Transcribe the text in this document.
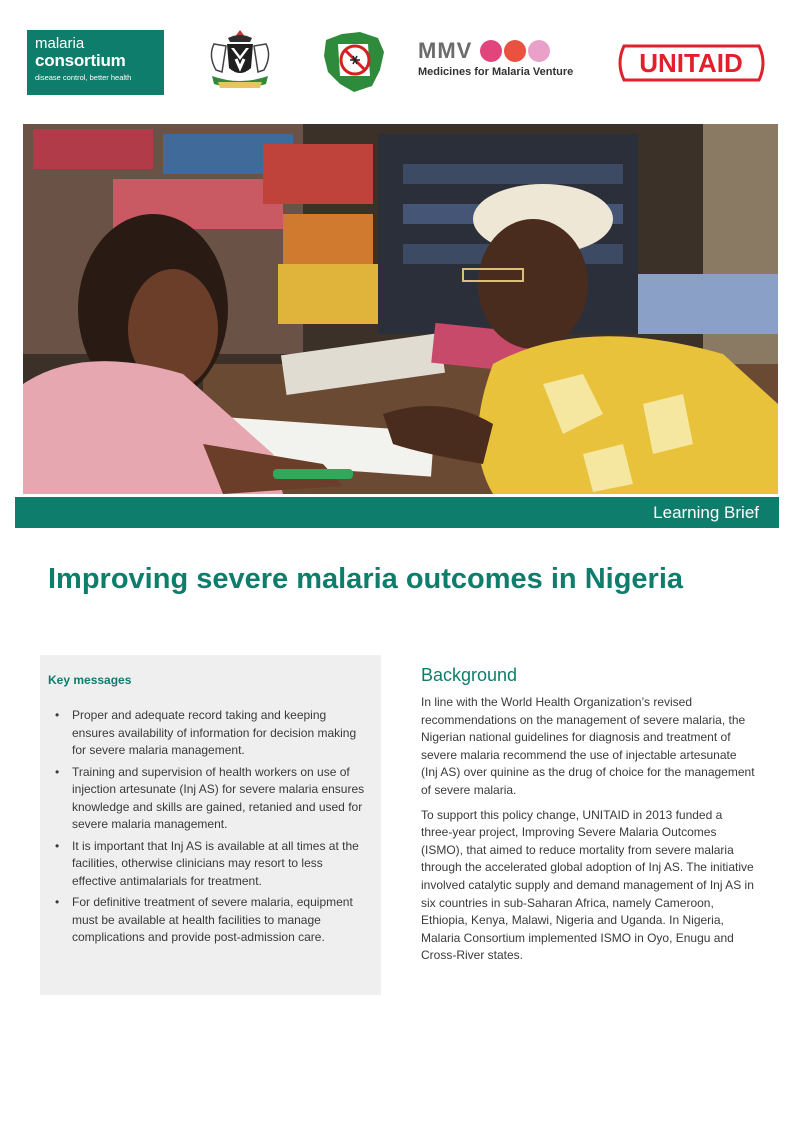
malaria
consortium
disease control, better health
MMV
Medicines for Malaria Venture	UNITAID
Learning Brief
Improving severe malaria outcomes in Nigeria
Key messages
• Proper and adequate record taking and keeping ensures availability of information for decision making for severe malaria management.
• Training and supervision of health workers on use of injection artesunate (Inj AS) for severe malaria ensures knowledge and skills are gained, retanied and used for severe malaria management.
• It is important that Inj AS is available at all times at the facilities, otherwise clinicians may resort to less effective antimalarials for treatment.
• For definitive treatment of severe malaria, equipment must be available at health facilities to manage complications and provide post-admission care.
Background

In line with the World Health Organization’s revised recommendations on the management of severe malaria, the Nigerian national guidelines for diagnosis and treatment of severe malaria recommend the use of injectable artesunate (Inj AS) over quinine as the drug of choice for the management of severe malaria.

To support this policy change, UNITAID in 2013 funded a three-year project, Improving Severe Malaria Outcomes (ISMO), that aimed to reduce mortality from severe malaria through the accelerated global adoption of Inj AS. The initiative involved catalytic supply and demand management of Inj AS in six countries in sub-Saharan Africa, namely Cameroon, Ethiopia, Kenya, Malawi, Nigeria and Uganda. In Nigeria, Malaria Consortium implemented ISMO in Oyo, Enugu and Cross-River states.
